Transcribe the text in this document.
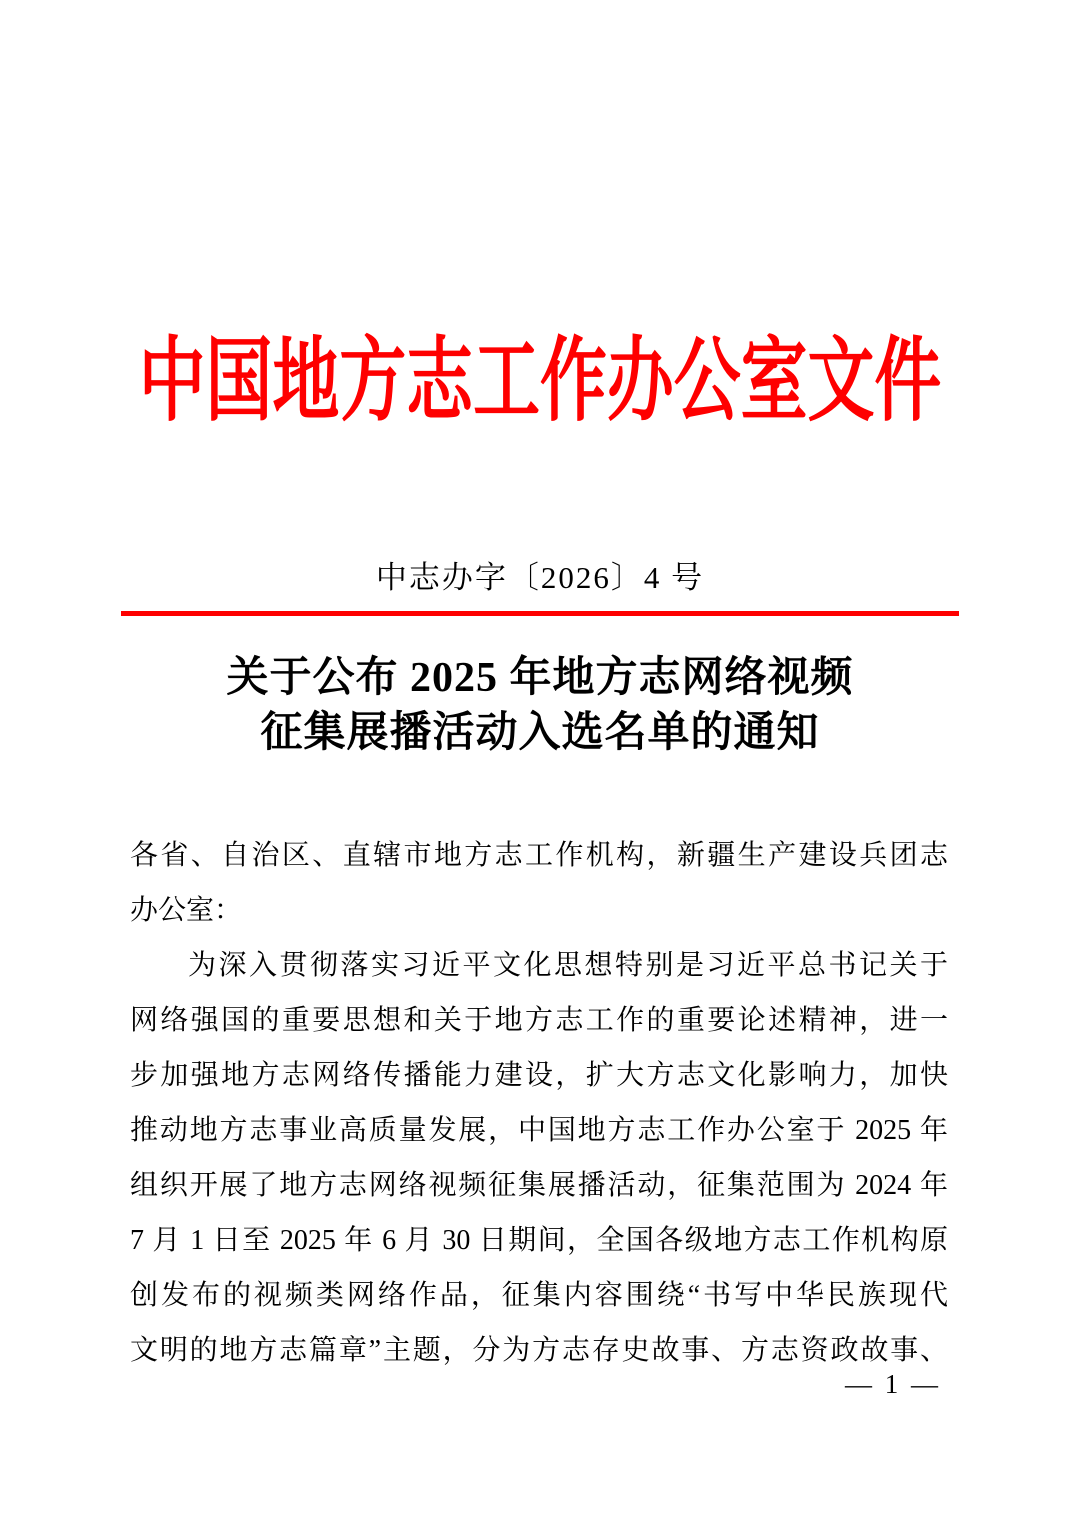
中国地方志工作办公室文件
中志办字〔2026〕4 号
关于公布 2025 年地方志网络视频
征集展播活动入选名单的通知
各省、自治区、直辖市地方志工作机构，新疆生产建设兵团志
办公室：
为深入贯彻落实习近平文化思想特别是习近平总书记关于
网络强国的重要思想和关于地方志工作的重要论述精神，进一
步加强地方志网络传播能力建设，扩大方志文化影响力，加快
推动地方志事业高质量发展，中国地方志工作办公室于 2025 年
组织开展了地方志网络视频征集展播活动，征集范围为 2024 年
7 月 1 日至 2025 年 6 月 30 日期间，全国各级地方志工作机构原
创发布的视频类网络作品，征集内容围绕“书写中华民族现代
文明的地方志篇章”主题，分为方志存史故事、方志资政故事、
— 1 —
